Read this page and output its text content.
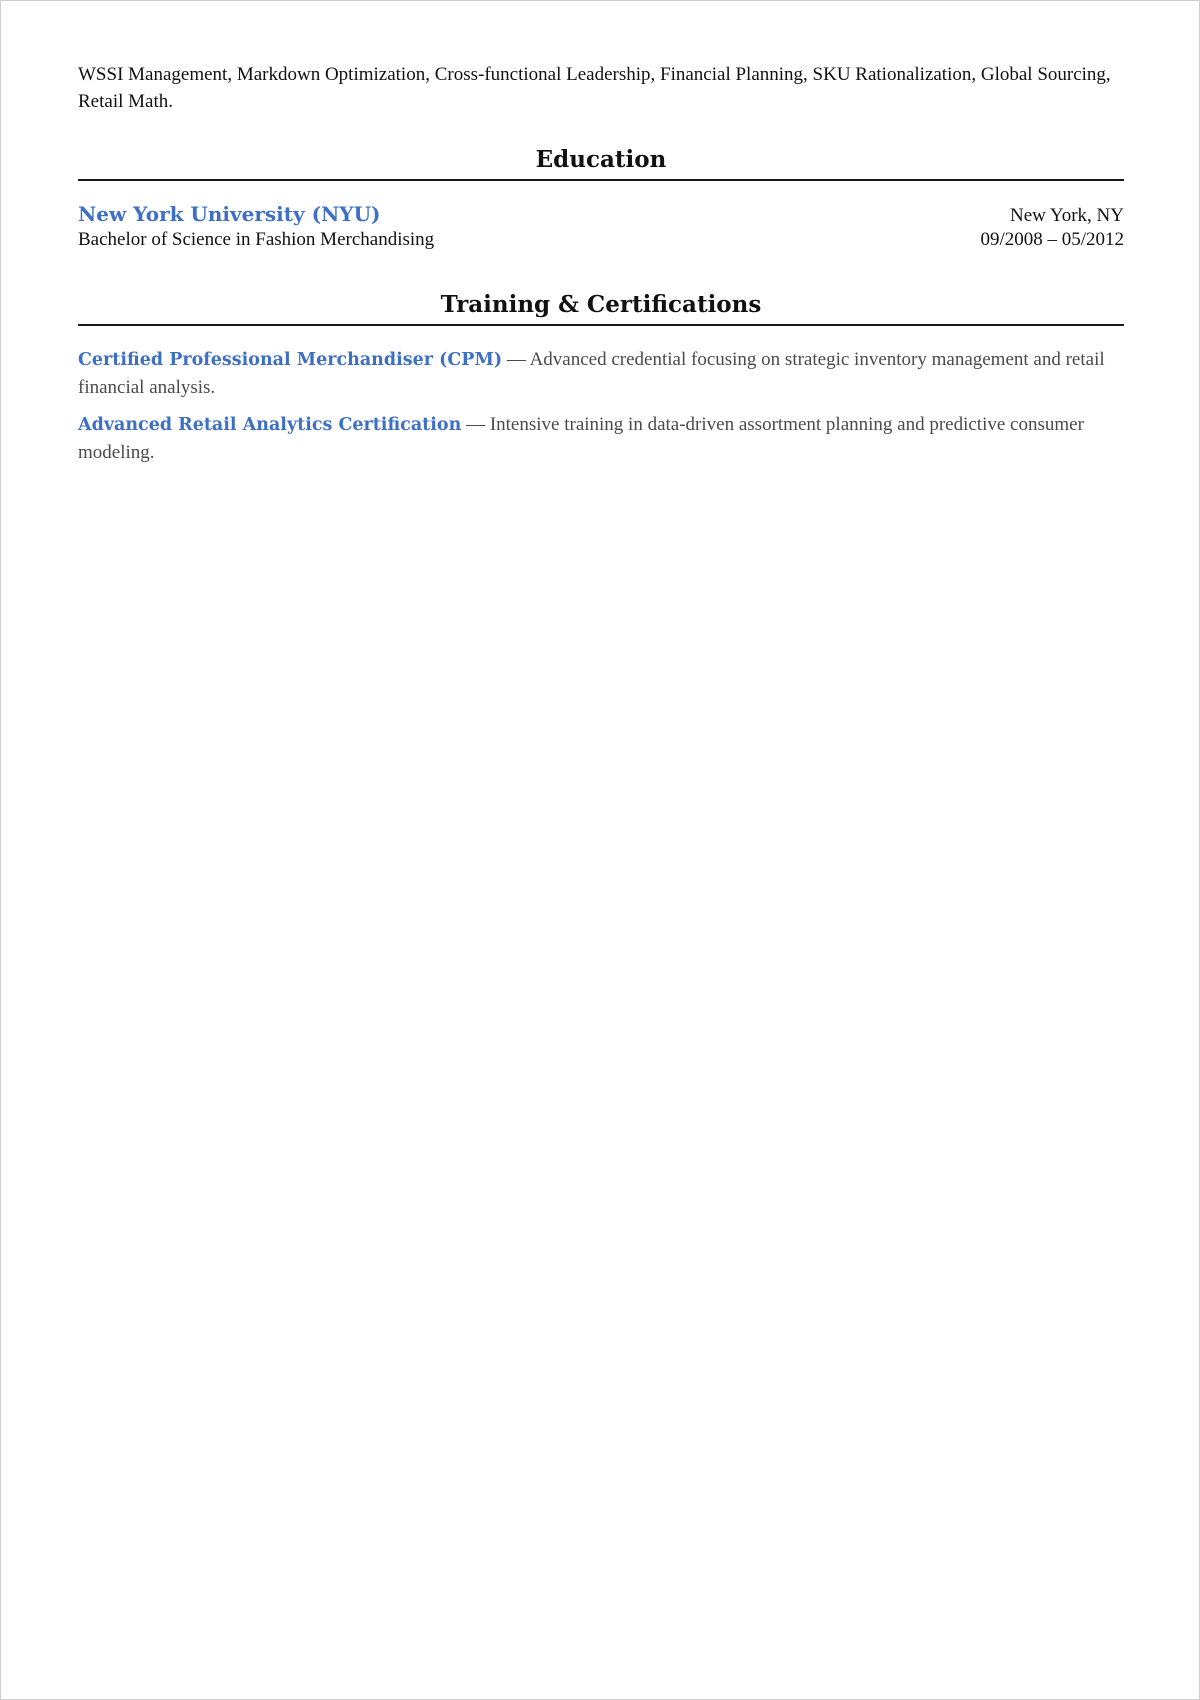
WSSI Management, Markdown Optimization, Cross-functional Leadership, Financial Planning, SKU Rationalization, Global Sourcing, Retail Math.

Education
New York University (NYU)	New York, NY
Bachelor of Science in Fashion Merchandising	09/2008 – 05/2012
Training & Certifications

Certified Professional Merchandiser (CPM) — Advanced credential focusing on strategic inventory management and retail financial analysis.

Advanced Retail Analytics Certification — Intensive training in data-driven assortment planning and predictive consumer modeling.
